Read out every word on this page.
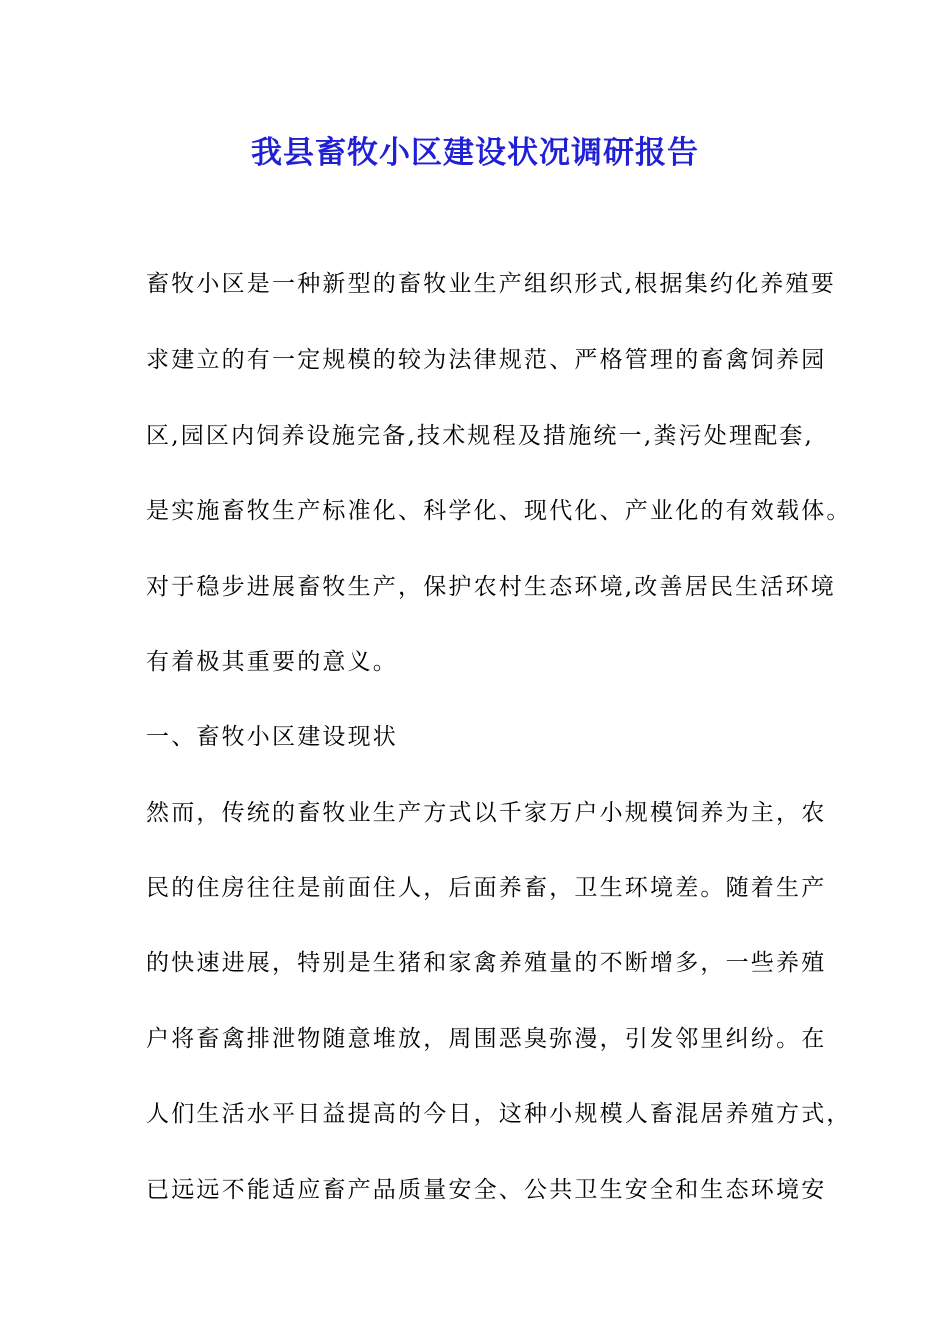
我县畜牧小区建设状况调研报告

畜牧小区是一种新型的畜牧业生产组织形式,根据集约化养殖要

求建立的有一定规模的较为法律规范、严格管理的畜禽饲养园

区,园区内饲养设施完备,技术规程及措施统一,粪污处理配套,

是实施畜牧生产标准化、科学化、现代化、产业化的有效载体。

对于稳步进展畜牧生产，保护农村生态环境,改善居民生活环境

有着极其重要的意义。

一、畜牧小区建设现状

然而，传统的畜牧业生产方式以千家万户小规模饲养为主，农

民的住房往往是前面住人，后面养畜，卫生环境差。随着生产

的快速进展，特别是生猪和家禽养殖量的不断增多，一些养殖

户将畜禽排泄物随意堆放，周围恶臭弥漫，引发邻里纠纷。在

人们生活水平日益提高的今日，这种小规模人畜混居养殖方式，

已远远不能适应畜产品质量安全、公共卫生安全和生态环境安
